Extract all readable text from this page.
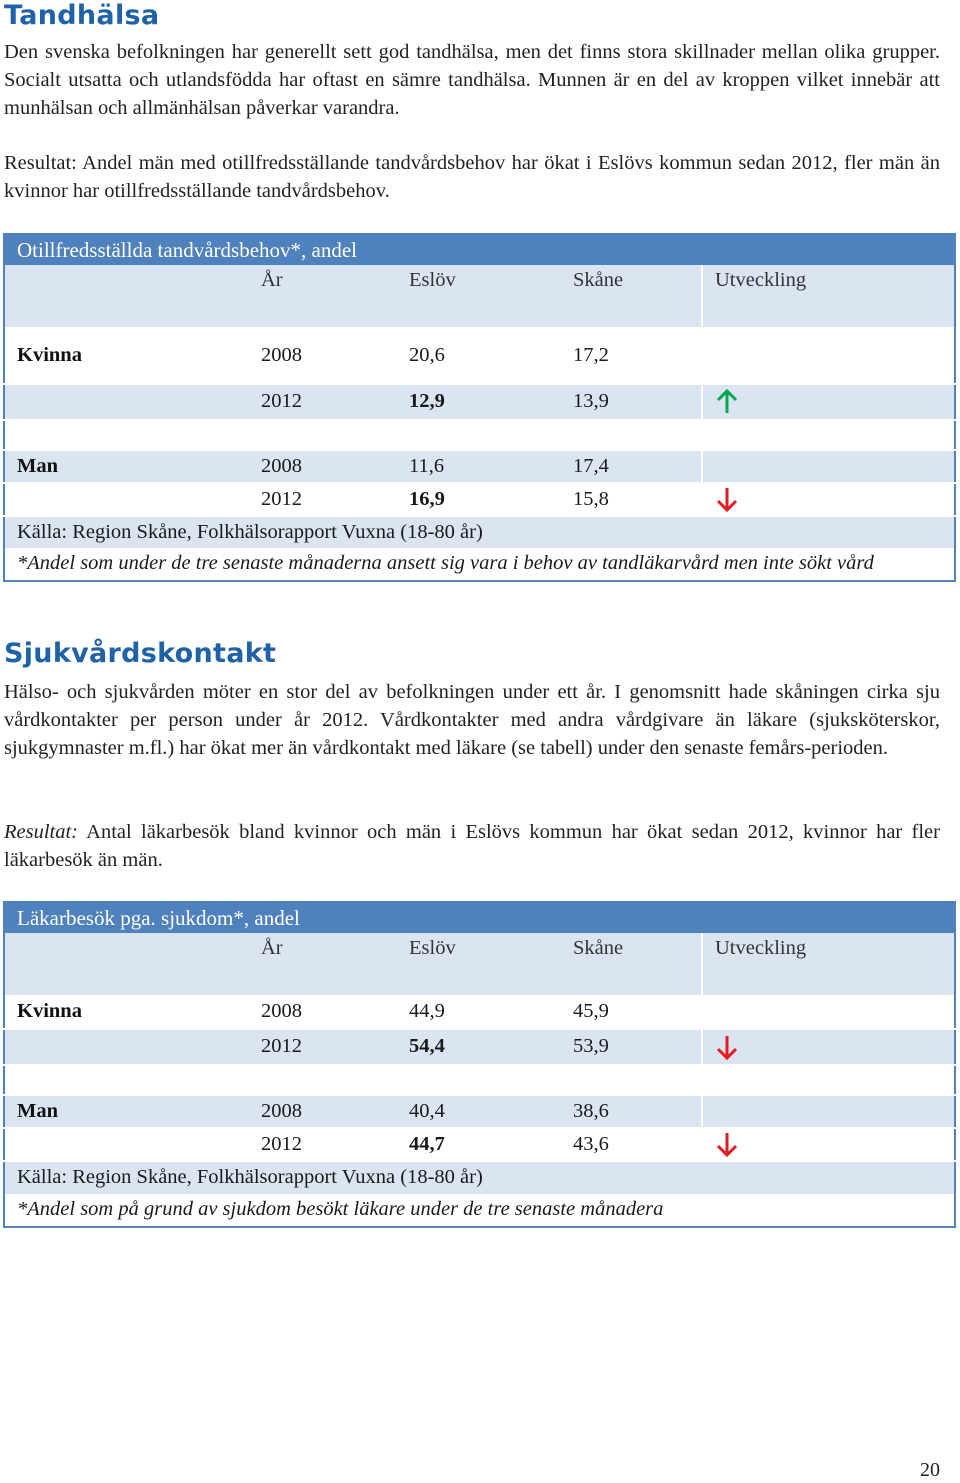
Tandhälsa
Den svenska befolkningen har generellt sett god tandhälsa, men det finns stora skillnader mellan olika grupper. Socialt utsatta och utlandsfödda har oftast en sämre tandhälsa. Munnen är en del av kroppen vilket innebär att munhälsan och allmänhälsan påverkar varandra.
Resultat: Andel män med otillfredsställande tandvårdsbehov har ökat i Eslövs kommun sedan 2012, fler män än kvinnor har otillfredsställande tandvårdsbehov.
Otillfredsställda tandvårdsbehov*, andel				
	År	Eslöv	Skåne	Utveckling
Kvinna	2008	20,6	17,2	
	2012	12,9	13,9	

Man	2008	11,6	17,4	
	2012	16,9	15,8	
Källa: Region Skåne, Folkhälsorapport Vuxna (18-80 år)				
*Andel som under de tre senaste månaderna ansett sig vara i behov av tandläkarvård men inte sökt vård				
Sjukvårdskontakt
Hälso- och sjukvården möter en stor del av befolkningen under ett år. I genomsnitt hade skåningen cirka sju vårdkontakter per person under år 2012. Vårdkontakter med andra vårdgivare än läkare (sjuksköterskor, sjukgymnaster m.fl.) har ökat mer än vårdkontakt med läkare (se tabell) under den senaste femårs-perioden.
Resultat: Antal läkarbesök bland kvinnor och män i Eslövs kommun har ökat sedan 2012, kvinnor har fler läkarbesök än män.
Läkarbesök pga. sjukdom*, andel				
	År	Eslöv	Skåne	Utveckling
Kvinna	2008	44,9	45,9	
	2012	54,4	53,9	

Man	2008	40,4	38,6	
	2012	44,7	43,6	
Källa: Region Skåne, Folkhälsorapport Vuxna (18-80 år)				
*Andel som på grund av sjukdom besökt läkare under de tre senaste månadera				
20
